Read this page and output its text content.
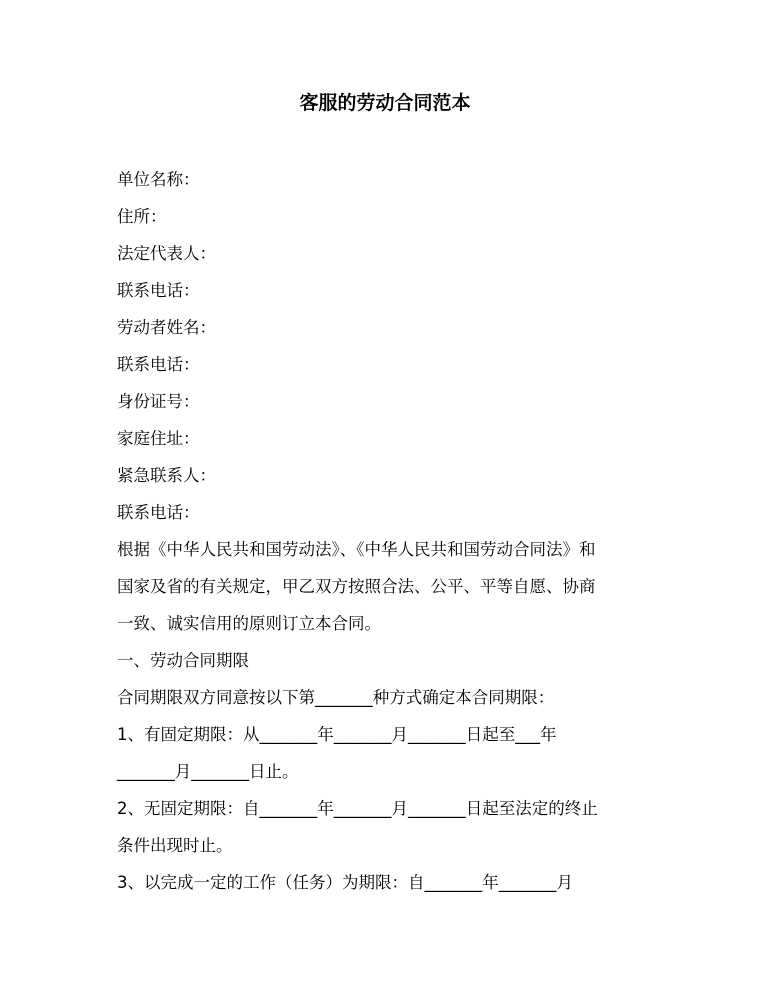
客服的劳动合同范本
单位名称：
住所：
法定代表人：
联系电话：
劳动者姓名：
联系电话：
身份证号：
家庭住址：
紧急联系人：
联系电话：
根据《中华人民共和国劳动法》、《中华人民共和国劳动合同法》和
国家及省的有关规定，甲乙双方按照合法、公平、平等自愿、协商
一致、诚实信用的原则订立本合同。
一、劳动合同期限
合同期限双方同意按以下第_______种方式确定本合同期限：
1、有固定期限：从_______年_______月_______日起至___年
_______月_______日止。
2、无固定期限：自_______年_______月_______日起至法定的终止
条件出现时止。
3、以完成一定的工作（任务）为期限：自_______年_______月
